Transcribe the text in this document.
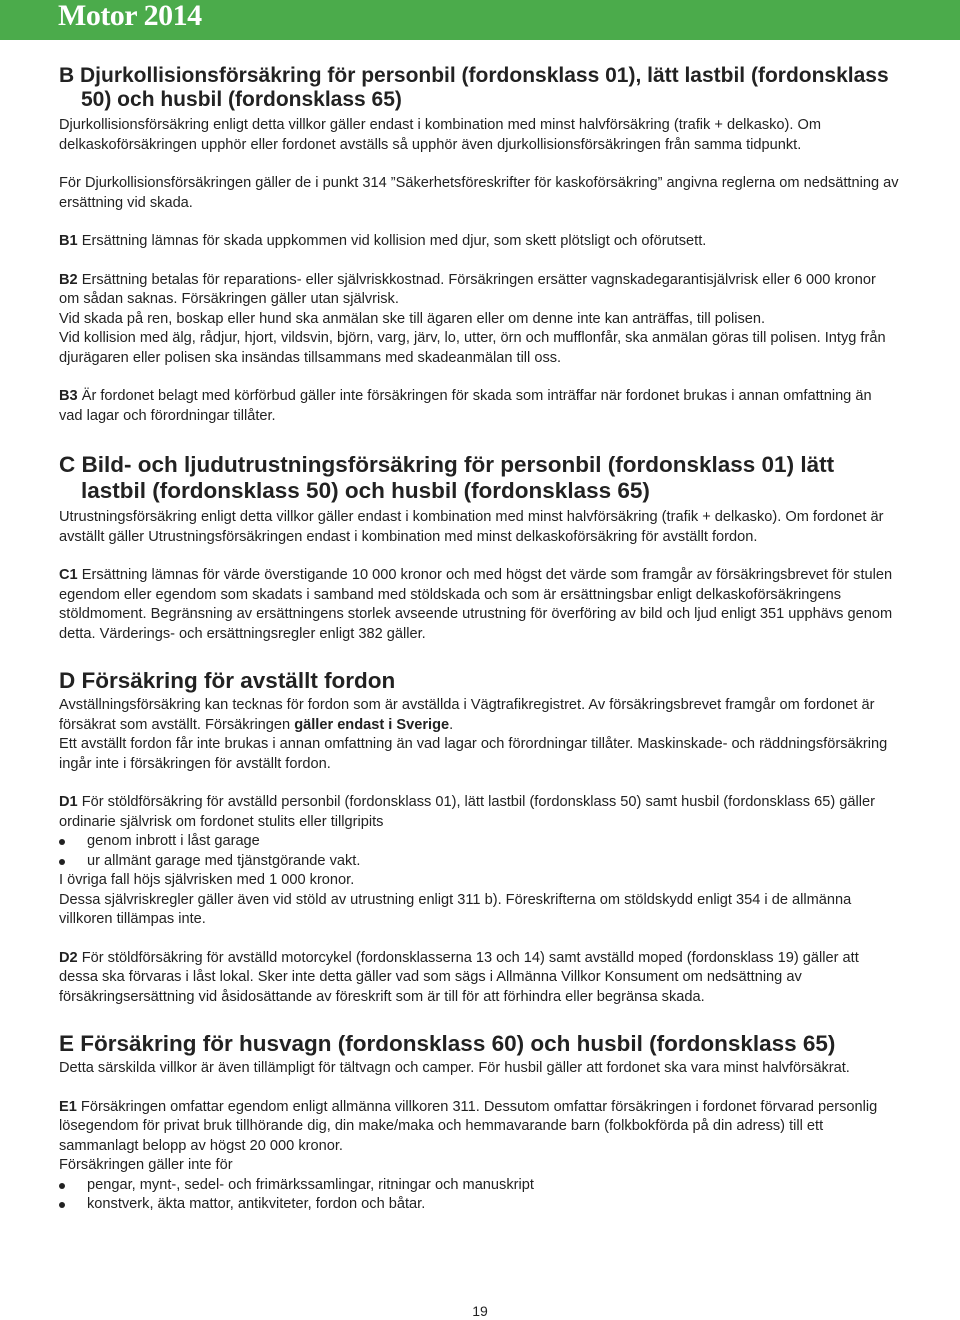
Motor 2014
B Djurkollisionsförsäkring för personbil (fordonsklass 01), lätt lastbil (fordonsklass 50) och husbil (fordonsklass 65)

Djurkollisionsförsäkring enligt detta villkor gäller endast i kombination med minst halvförsäkring (trafik + delkasko). Om delkaskoförsäkringen upphör eller fordonet avställs så upphör även djurkollisionsförsäkringen från samma tidpunkt.

För Djurkollisionsförsäkringen gäller de i punkt 314 ”Säkerhetsföreskrifter för kaskoförsäkring” angivna reglerna om nedsättning av ersättning vid skada.

B1 Ersättning lämnas för skada uppkommen vid kollision med djur, som skett plötsligt och oförutsett.

B2 Ersättning betalas för reparations- eller självriskkostnad. Försäkringen ersätter vagnskadegarantisjälvrisk eller 6 000 kronor om sådan saknas. Försäkringen gäller utan självrisk.

Vid skada på ren, boskap eller hund ska anmälan ske till ägaren eller om denne inte kan anträffas, till polisen.

Vid kollision med älg, rådjur, hjort, vildsvin, björn, varg, järv, lo, utter, örn och mufflonfår, ska anmälan göras till polisen. Intyg från djurägaren eller polisen ska insändas tillsammans med skadeanmälan till oss.

B3 Är fordonet belagt med körförbud gäller inte försäkringen för skada som inträffar när fordonet brukas i annan omfattning än vad lagar och förordningar tillåter.

C Bild- och ljudutrustningsförsäkring för personbil (fordonsklass 01) lätt lastbil (fordonsklass 50) och husbil (fordonsklass 65)

Utrustningsförsäkring enligt detta villkor gäller endast i kombination med minst halvförsäkring (trafik + delkasko). Om fordonet är avställt gäller Utrustningsförsäkringen endast i kombination med minst delkaskoförsäkring för avställt fordon.

C1 Ersättning lämnas för värde överstigande 10 000 kronor och med högst det värde som framgår av försäkringsbrevet för stulen egendom eller egendom som skadats i samband med stöldskada och som är ersättningsbar enligt delkaskoförsäkringens stöldmoment. Begränsning av ersättningens storlek avseende utrustning för överföring av bild och ljud enligt 351 upphävs genom detta. Värderings- och ersättningsregler enligt 382 gäller.

D Försäkring för avställt fordon

Avställningsförsäkring kan tecknas för fordon som är avställda i Vägtrafikregistret. Av försäkringsbrevet framgår om fordonet är försäkrat som avställt. Försäkringen gäller endast i Sverige.

Ett avställt fordon får inte brukas i annan omfattning än vad lagar och förordningar tillåter. Maskinskade- och räddningsförsäkring ingår inte i försäkringen för avställt fordon.

D1 För stöldförsäkring för avställd personbil (fordonsklass 01), lätt lastbil (fordonsklass 50) samt husbil (fordonsklass 65) gäller ordinarie självrisk om fordonet stulits eller tillgripits

genom inbrott i låst garage
ur allmänt garage med tjänstgörande vakt.

I övriga fall höjs självrisken med 1 000 kronor.

Dessa självriskregler gäller även vid stöld av utrustning enligt 311 b). Föreskrifterna om stöldskydd enligt 354 i de allmänna villkoren tillämpas inte.

D2 För stöldförsäkring för avställd motorcykel (fordonsklasserna 13 och 14) samt avställd moped (fordonsklass 19) gäller att dessa ska förvaras i låst lokal. Sker inte detta gäller vad som sägs i Allmänna Villkor Konsument om nedsättning av försäkringsersättning vid åsidosättande av föreskrift som är till för att förhindra eller begränsa skada.

E Försäkring för husvagn (fordonsklass 60) och husbil (fordonsklass 65)

Detta särskilda villkor är även tillämpligt för tältvagn och camper. För husbil gäller att fordonet ska vara minst halvförsäkrat.

E1 Försäkringen omfattar egendom enligt allmänna villkoren 311. Dessutom omfattar försäkringen i fordonet förvarad personlig lösegendom för privat bruk tillhörande dig, din make/maka och hemmavarande barn (folkbokförda på din adress) till ett sammanlagt belopp av högst 20 000 kronor.

Försäkringen gäller inte för

pengar, mynt-, sedel- och frimärkssamlingar, ritningar och manuskript
konstverk, äkta mattor, antikviteter, fordon och båtar.
19
